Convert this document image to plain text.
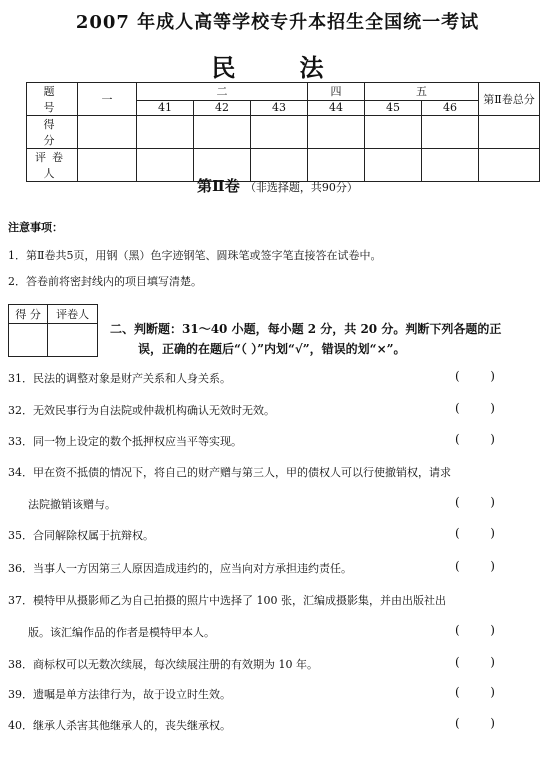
2007 年成人高等学校专升本招生全国统一考试
民　法
题　号	一	二			四	五		第Ⅱ卷总分
		41	42	43	44	45	46	
得　分								
评卷人								
第Ⅱ卷 （非选择题，共90分）
注意事项：
1．第Ⅱ卷共5页，用钢（黑）色字迹钢笔、圆珠笔或签字笔直接答在试卷中。
2．答卷前将密封线内的项目填写清楚。
得 分	评卷人

二、判断题：31～40 小题，每小题 2 分，共 20 分。判断下列各题的正
误，正确的在题后“（ ）”内划“√”，错误的划“×”。
31．民法的调整对象是财产关系和人身关系。	(        )
32．无效民事行为自法院或仲裁机构确认无效时无效。	(        )
33．同一物上设定的数个抵押权应当平等实现。	(        )
34．甲在资不抵债的情况下，将自己的财产赠与第三人，甲的债权人可以行使撤销权，请求
法院撤销该赠与。	(        )
35．合同解除权属于抗辩权。	(        )
36．当事人一方因第三人原因造成违约的，应当向对方承担违约责任。	(        )
37．模特甲从摄影师乙为自己拍摄的照片中选择了 100 张，汇编成摄影集，并由出版社出
版。该汇编作品的作者是模特甲本人。	(        )
38．商标权可以无数次续展，每次续展注册的有效期为 10 年。	(        )
39．遗嘱是单方法律行为，故于设立时生效。	(        )
40．继承人杀害其他继承人的，丧失继承权。	(        )
